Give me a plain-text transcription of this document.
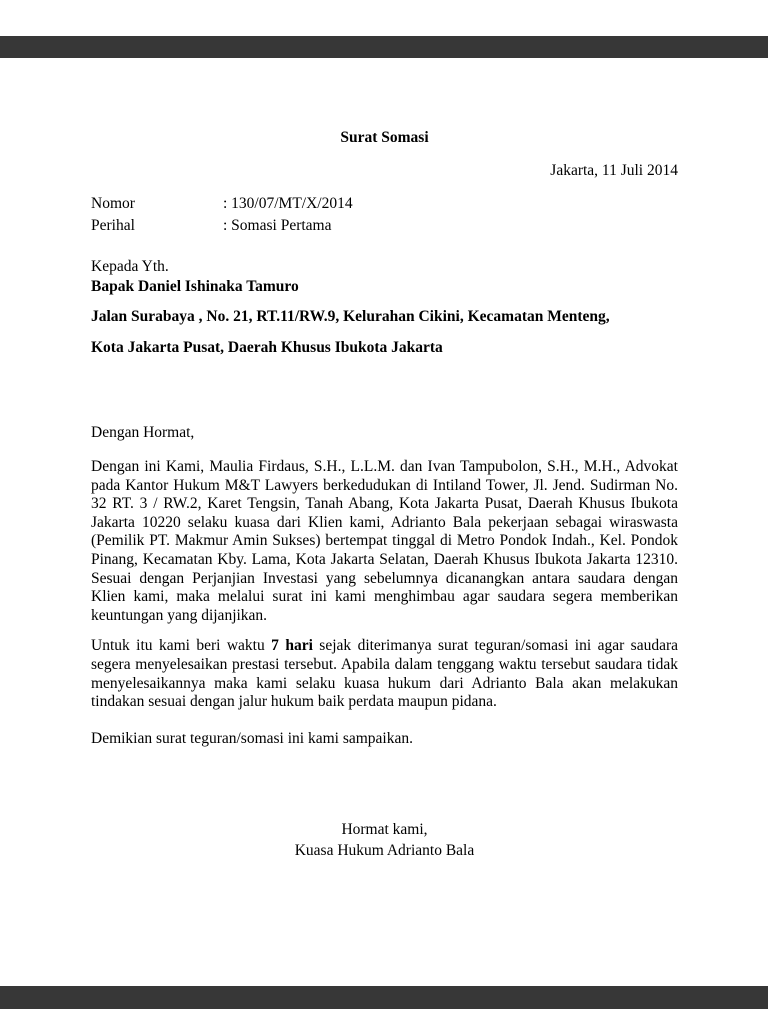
Surat Somasi
Jakarta, 11 Juli 2014
Nomor	: 130/07/MT/X/2014
Perihal	: Somasi Pertama
Kepada Yth.
Bapak Daniel Ishinaka Tamuro
Jalan Surabaya , No. 21, RT.11/RW.9, Kelurahan Cikini, Kecamatan Menteng,
Kota Jakarta Pusat, Daerah Khusus Ibukota Jakarta
Dengan Hormat,
Dengan ini Kami, Maulia Firdaus, S.H., L.L.M. dan Ivan Tampubolon, S.H., M.H., Advokat pada Kantor Hukum M&T Lawyers berkedudukan di Intiland Tower, Jl. Jend. Sudirman No. 32 RT. 3 / RW.2, Karet Tengsin, Tanah Abang, Kota Jakarta Pusat, Daerah Khusus Ibukota Jakarta 10220 selaku kuasa dari Klien kami, Adrianto Bala pekerjaan sebagai wiraswasta (Pemilik PT. Makmur Amin Sukses) bertempat tinggal di Metro Pondok Indah., Kel. Pondok Pinang, Kecamatan Kby. Lama, Kota Jakarta Selatan, Daerah Khusus Ibukota Jakarta 12310. Sesuai dengan Perjanjian Investasi yang sebelumnya dicanangkan antara saudara dengan Klien kami, maka melalui surat ini kami menghimbau agar saudara segera memberikan keuntungan yang dijanjikan.
Untuk itu kami beri waktu 7 hari sejak diterimanya surat teguran/somasi ini agar saudara segera menyelesaikan prestasi tersebut. Apabila dalam tenggang waktu tersebut saudara tidak menyelesaikannya maka kami selaku kuasa hukum dari Adrianto Bala akan melakukan tindakan sesuai dengan jalur hukum baik perdata maupun pidana.
Demikian surat teguran/somasi ini kami sampaikan.
Hormat kami,
Kuasa Hukum Adrianto Bala
